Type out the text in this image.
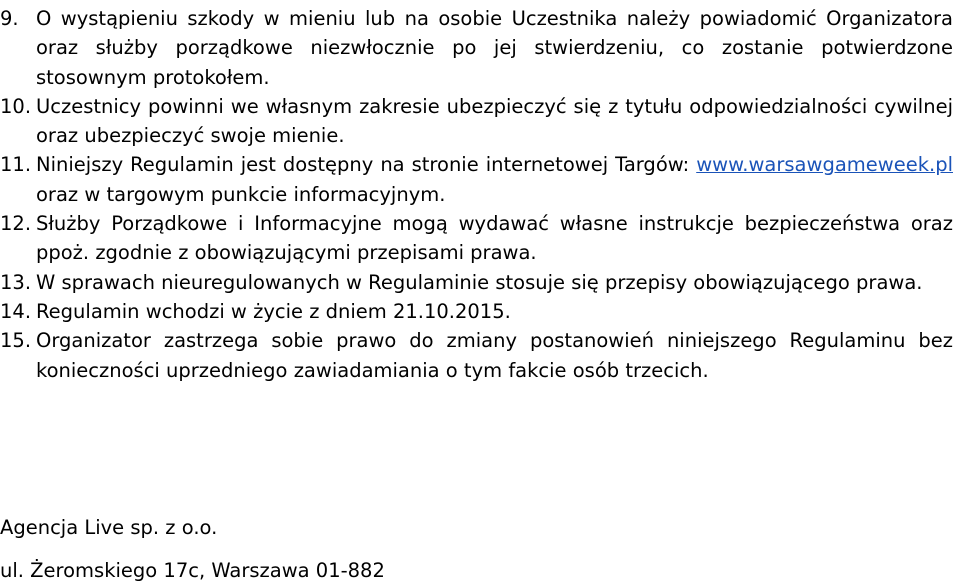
9. O wystąpieniu szkody w mieniu lub na osobie Uczestnika należy powiadomić Organizatora oraz służby porządkowe niezwłocznie po jej stwierdzeniu, co zostanie potwierdzone stosownym protokołem.
10. Uczestnicy powinni we własnym zakresie ubezpieczyć się z tytułu odpowiedzialności cywilnej oraz ubezpieczyć swoje mienie.
11. Niniejszy Regulamin jest dostępny na stronie internetowej Targów: www.warsawgameweek.pl oraz w targowym punkcie informacyjnym.
12. Służby Porządkowe i Informacyjne mogą wydawać własne instrukcje bezpieczeństwa oraz ppoż. zgodnie z obowiązującymi przepisami prawa.
13. W sprawach nieuregulowanych w Regulaminie stosuje się przepisy obowiązującego prawa.
14. Regulamin wchodzi w życie z dniem 21.10.2015.
15. Organizator zastrzega sobie prawo do zmiany postanowień niniejszego Regulaminu bez konieczności uprzedniego zawiadamiania o tym fakcie osób trzecich.
Agencja Live sp. z o.o.
ul. Żeromskiego 17c, Warszawa 01-882
